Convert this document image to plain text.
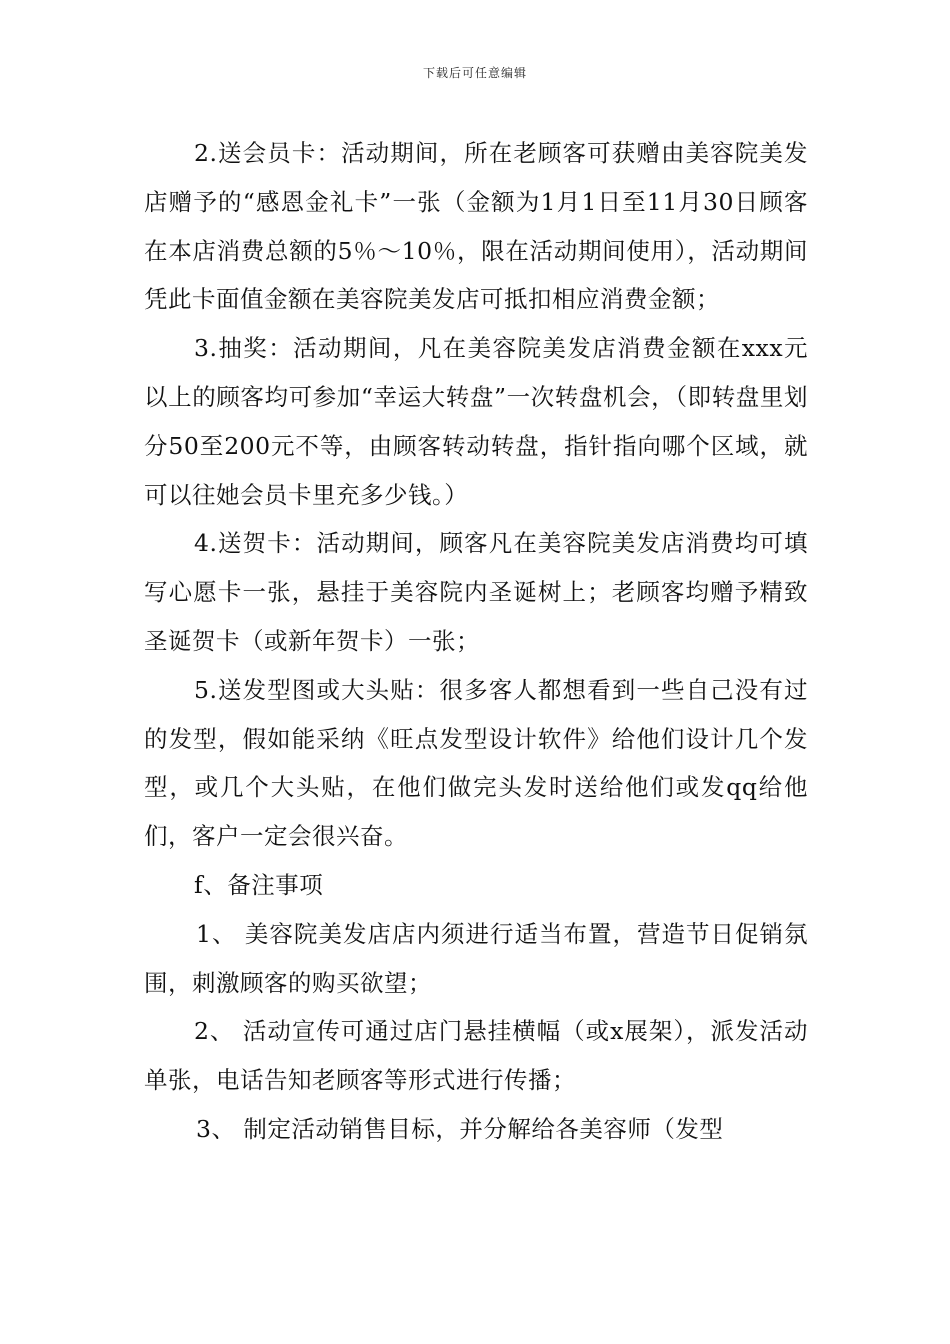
下载后可任意编辑

2.送会员卡：活动期间，所在老顾客可获赠由美容院美发店赠予的“感恩金礼卡”一张（金额为1月1日至11月30日顾客在本店消费总额的5％～10％，限在活动期间使用），活动期间凭此卡面值金额在美容院美发店可抵扣相应消费金额；

3.抽奖：活动期间，凡在美容院美发店消费金额在xxx元以上的顾客均可参加“幸运大转盘”一次转盘机会，（即转盘里划分50至200元不等，由顾客转动转盘，指针指向哪个区域，就可以往她会员卡里充多少钱。）

4.送贺卡：活动期间，顾客凡在美容院美发店消费均可填写心愿卡一张，悬挂于美容院内圣诞树上；老顾客均赠予精致圣诞贺卡（或新年贺卡）一张；

5.送发型图或大头贴：很多客人都想看到一些自己没有过的发型，假如能采纳《旺点发型设计软件》给他们设计几个发型，或几个大头贴，在他们做完头发时送给他们或发qq给他们，客户一定会很兴奋。

f、备注事项

1、 美容院美发店店内须进行适当布置，营造节日促销氛围，刺激顾客的购买欲望；

2、 活动宣传可通过店门悬挂横幅（或x展架），派发活动单张，电话告知老顾客等形式进行传播；

3、 制定活动销售目标，并分解给各美容师（发型
